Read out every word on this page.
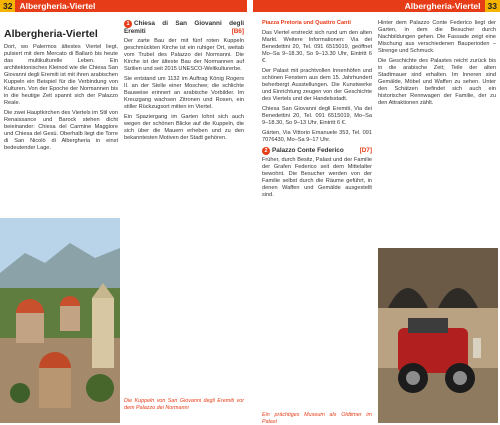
32 Albergheria-Viertel	Albergheria-Viertel 33
Albergheria-Viertel

Dort, wo Palermos ältestes Viertel liegt, pulsiert mit dem Mercato di Ballarò bis heute das multikulturelle Leben. Ein architektonisches Kleinod wie die Chiesa San Giovanni degli Eremiti ist mit ihren arabischen Kuppeln ein Beispiel für die Verbindung von Kulturen. Von der Epoche der Normannen bis in die heutige Zeit spannt sich der Palazzo Reale.

Die zwei Hauptkirchen des Viertels im Stil von Renaissance und Barock stehen dicht beieinander: Chiesa del Carmine Maggiore und Chiesa del Gesù. Oberhalb liegt die Torre di San Nicolò di Albergheria in einst bedeutender Lage.

1 Chiesa di San Giovanni degli Eremiti	[B6]

Der zarte Bau der mit fünf roten Kuppeln geschmückten Kirche ist ein ruhiger Ort, weitab vom Trubel des Palazzo dei Normanni. Die Kirche ist der älteste Bau der Normannen auf Sizilien und seit 2015 UNESCO-Weltkulturerbe.

Sie entstand um 1132 im Auftrag König Rogers II. an der Stelle einer Moschee; die schlichte Bauweise erinnert an arabische Vorbilder. Im Kreuzgang wachsen Zitronen und Rosen, ein stiller Rückzugsort mitten im Viertel.

Ein Spaziergang im Garten lohnt sich auch wegen der schönen Blicke auf die Kuppeln, die sich über die Mauern erheben und zu den bekanntesten Motiven der Stadt gehören.

Die Kuppeln von San Giovanni degli Eremiti vor dem Palazzo dei Normanni

Piazza Pretoria und Quattro Canti

Das Viertel erstreckt sich rund um den alten Markt. Weitere Informationen: Via dei Benedettini 20, Tel. 091 6515019, geöffnet Mo–Sa 9–18.30, So 9–13.30 Uhr, Eintritt 6 €.

Der Palast mit prachtvollen Innenhöfen und schönen Fenstern aus dem 15. Jahrhundert beherbergt Ausstellungen. Die Kunstwerke und Einrichtung zeugen von der Geschichte des Viertels und der Handelsstadt.

Chiesa San Giovanni degli Eremiti, Via dei Benedettini 20, Tel. 091 6515019, Mo–Sa 9–18.30, So 9–13 Uhr, Eintritt 6 €.

Gärten, Via Vittorio Emanuele 353, Tel. 091 7076430, Mo–Sa 9–17 Uhr.

2 Palazzo Conte Federico [D7]

Früher, durch Besitz, Palast und der Familie der Grafen Federico seit dem Mittelalter bewohnt. Die Besucher werden von der Familie selbst durch die Räume geführt, in denen Waffen und Gemälde ausgestellt sind.

Ein prächtiges Museum als Oldtimer im Palast

Hinter dem Palazzo Conte Federico liegt der Garten, in dem die Besucher durch Nachbildungen gehen. Die Fassade zeigt eine Mischung aus verschiedenen Bauperioden – Strenge und Schmuck.

Die Geschichte des Palastes reicht zurück bis in die arabische Zeit; Teile der alten Stadtmauer sind erhalten. Im Inneren sind Gemälde, Möbel und Waffen zu sehen. Unter den Schätzen befindet sich auch ein historischer Rennwagen der Familie, der zu den Attraktionen zählt.
